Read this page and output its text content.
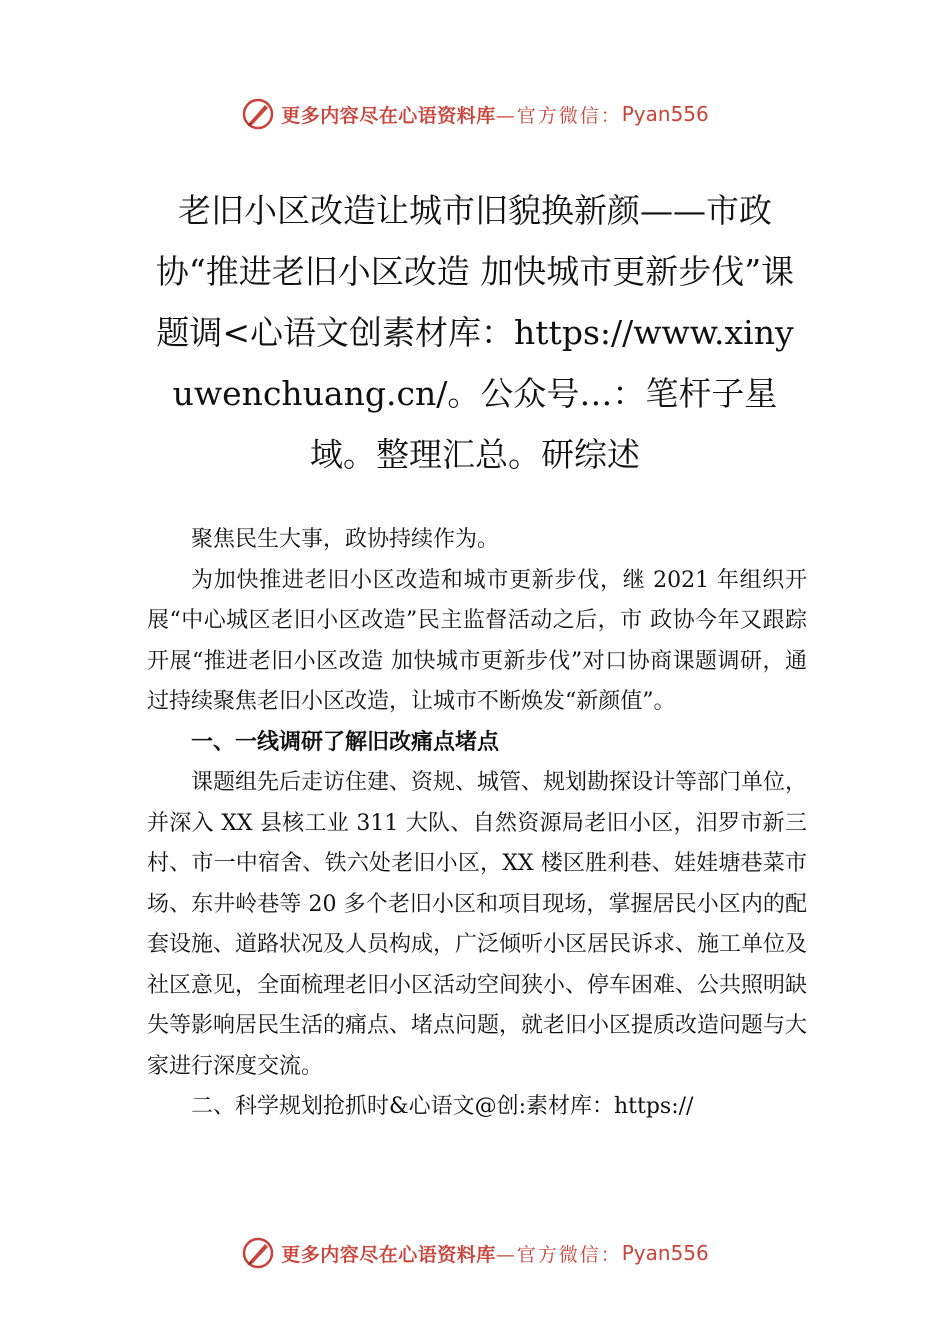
更多内容尽在心语资料库 —官方微信： Pyan556
老旧小区改造让城市旧貌换新颜——市政协“推进老旧小区改造 加快城市更新步伐”课题调<心语文创素材库：https://www.xinyuwenchuang.cn/。公众号…：笔杆子星域。整理汇总。研综述

聚焦民生大事，政协持续作为。

为加快推进老旧小区改造和城市更新步伐，继 2021 年组织开展“中心城区老旧小区改造”民主监督活动之后，市 政协今年又跟踪开展“推进老旧小区改造 加快城市更新步伐”对口协商课题调研，通过持续聚焦老旧小区改造，让城市不断焕发“新颜值”。

一、一线调研了解旧改痛点堵点

课题组先后走访住建、资规、城管、规划勘探设计等部门单位，并深入 XX 县核工业 311 大队、自然资源局老旧小区，汨罗市新三村、市一中宿舍、铁六处老旧小区，XX 楼区胜利巷、娃娃塘巷菜市场、东井岭巷等 20 多个老旧小区和项目现场，掌握居民小区内的配套设施、道路状况及人员构成，广泛倾听小区居民诉求、施工单位及社区意见，全面梳理老旧小区活动空间狭小、停车困难、公共照明缺失等影响居民生活的痛点、堵点问题，就老旧小区提质改造问题与大家进行深度交流。

二、科学规划抢抓时&心语文@创:素材库：https://

更多内容尽在心语资料库 —官方微信： Pyan556
